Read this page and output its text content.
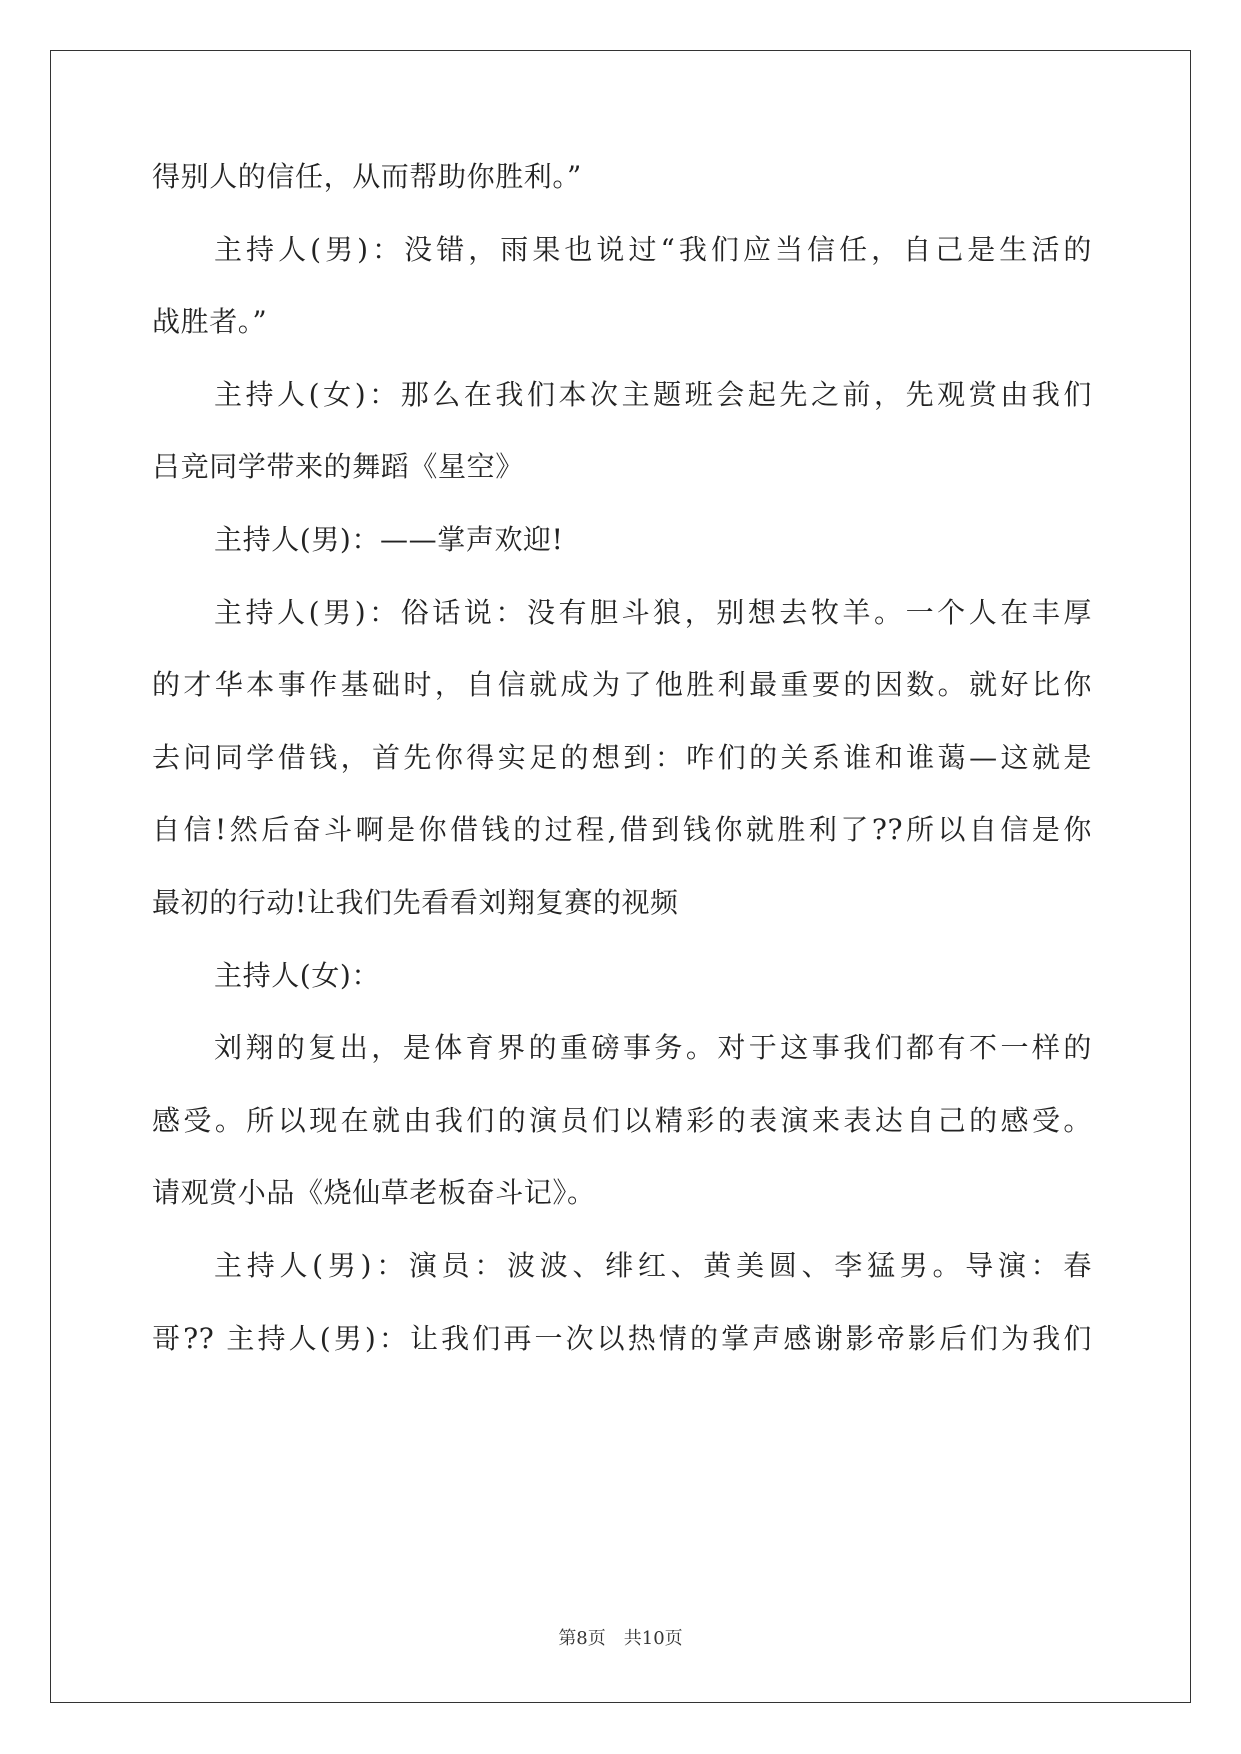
得别人的信任，从而帮助你胜利。”
主持人(男)：没错，雨果也说过“我们应当信任，自己是生活的
战胜者。”
主持人(女)：那么在我们本次主题班会起先之前，先观赏由我们
吕竞同学带来的舞蹈《星空》
主持人(男)：——掌声欢迎!
主持人(男)：俗话说：没有胆斗狼，别想去牧羊。一个人在丰厚
的才华本事作基础时，自信就成为了他胜利最重要的因数。就好比你
去问同学借钱，首先你得实足的想到：咋们的关系谁和谁蔼—这就是
自信!然后奋斗啊是你借钱的过程,借到钱你就胜利了??所以自信是你
最初的行动!让我们先看看刘翔复赛的视频
主持人(女)：
刘翔的复出，是体育界的重磅事务。对于这事我们都有不一样的
感受。所以现在就由我们的演员们以精彩的表演来表达自己的感受。
请观赏小品《烧仙草老板奋斗记》。
主持人(男)：演员：波波、绯红、黄美圆、李猛男。导演：春
哥?? 主持人(男)：让我们再一次以热情的掌声感谢影帝影后们为我们
第8页 共10页
